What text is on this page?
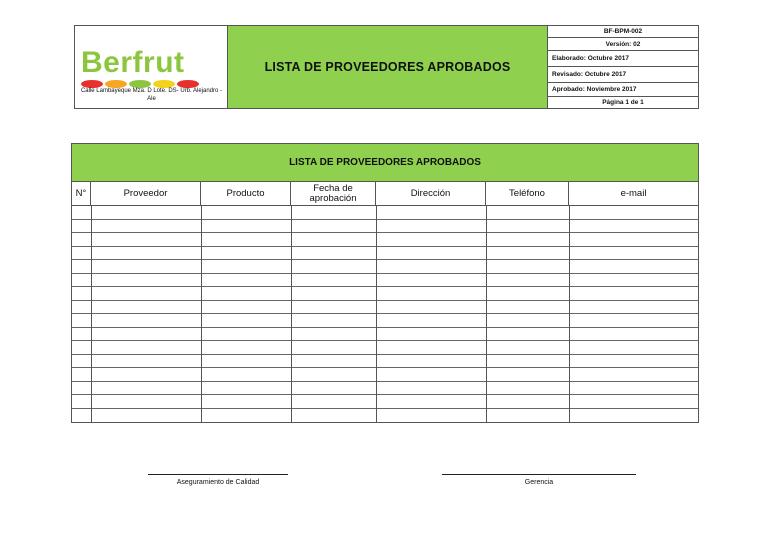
Berfrut
Calle Lambayeque Mza. D Lote. DS- Urb. Alejandro - Ale
LISTA DE PROVEEDORES APROBADOS
BF-BPM-002
Versión: 02
Elaborado: Octubre 2017
Revisado: Octubre 2017
Aprobado: Noviembre 2017
Página 1 de 1
LISTA DE PROVEEDORES APROBADOS
N°	Proveedor	Producto	Fecha de aprobación	Dirección	Teléfono	e-mail
Aseguramiento de Calidad	Gerencia
